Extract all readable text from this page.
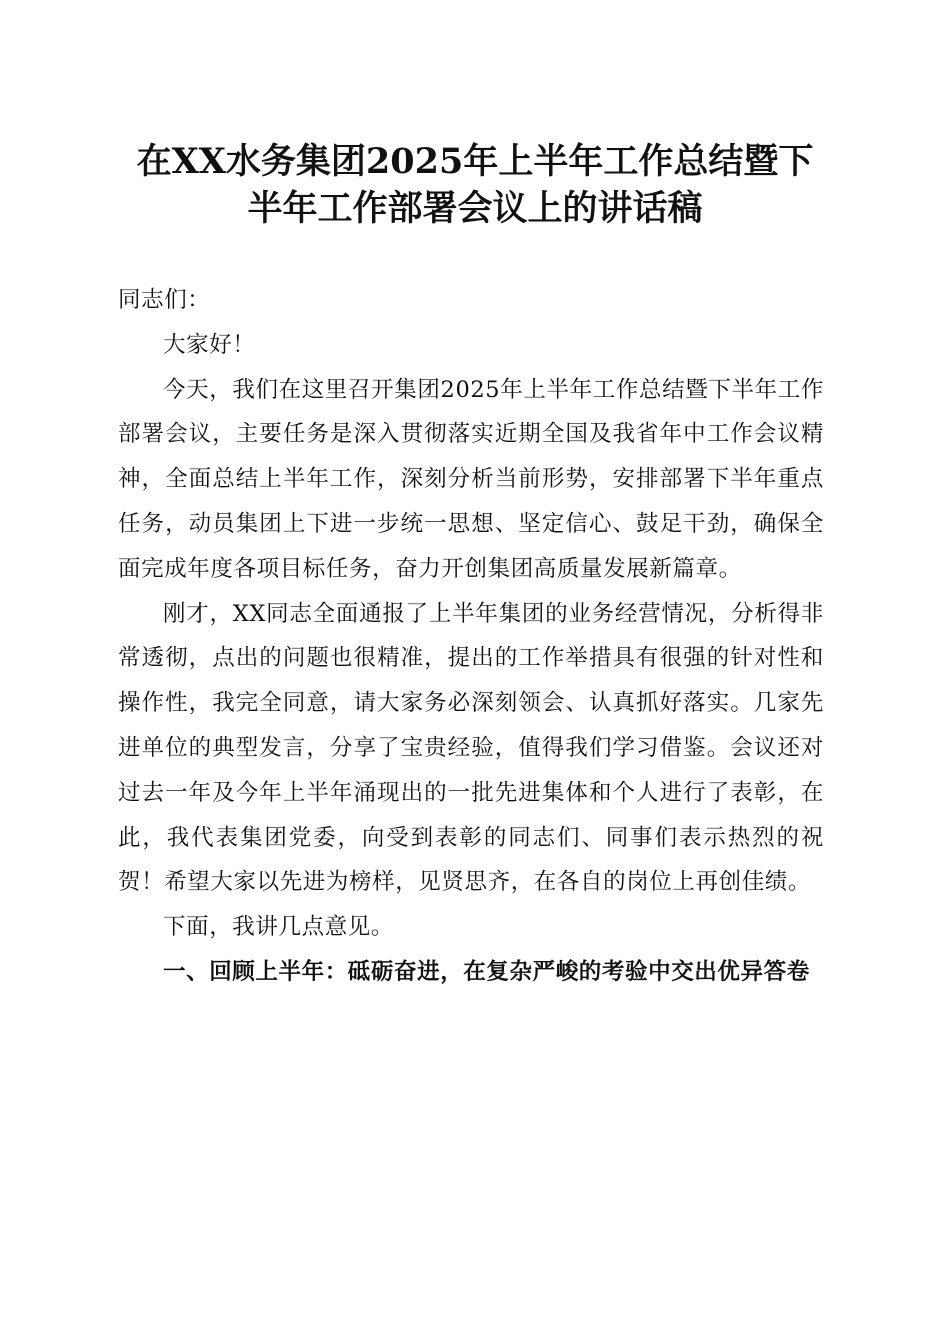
在XX水务集团2025年上半年工作总结暨下
半年工作部署会议上的讲话稿

同志们：

大家好！

今天，我们在这里召开集团2025年上半年工作总结暨下半年工作部署会议，主要任务是深入贯彻落实近期全国及我省年中工作会议精神，全面总结上半年工作，深刻分析当前形势，安排部署下半年重点任务，动员集团上下进一步统一思想、坚定信心、鼓足干劲，确保全面完成年度各项目标任务，奋力开创集团高质量发展新篇章。

刚才，XX同志全面通报了上半年集团的业务经营情况，分析得非常透彻，点出的问题也很精准，提出的工作举措具有很强的针对性和操作性，我完全同意，请大家务必深刻领会、认真抓好落实。几家先进单位的典型发言，分享了宝贵经验，值得我们学习借鉴。会议还对过去一年及今年上半年涌现出的一批先进集体和个人进行了表彰，在此，我代表集团党委，向受到表彰的同志们、同事们表示热烈的祝贺！希望大家以先进为榜样，见贤思齐，在各自的岗位上再创佳绩。

下面，我讲几点意见。

一、回顾上半年：砥砺奋进，在复杂严峻的考验中交出优异答卷
